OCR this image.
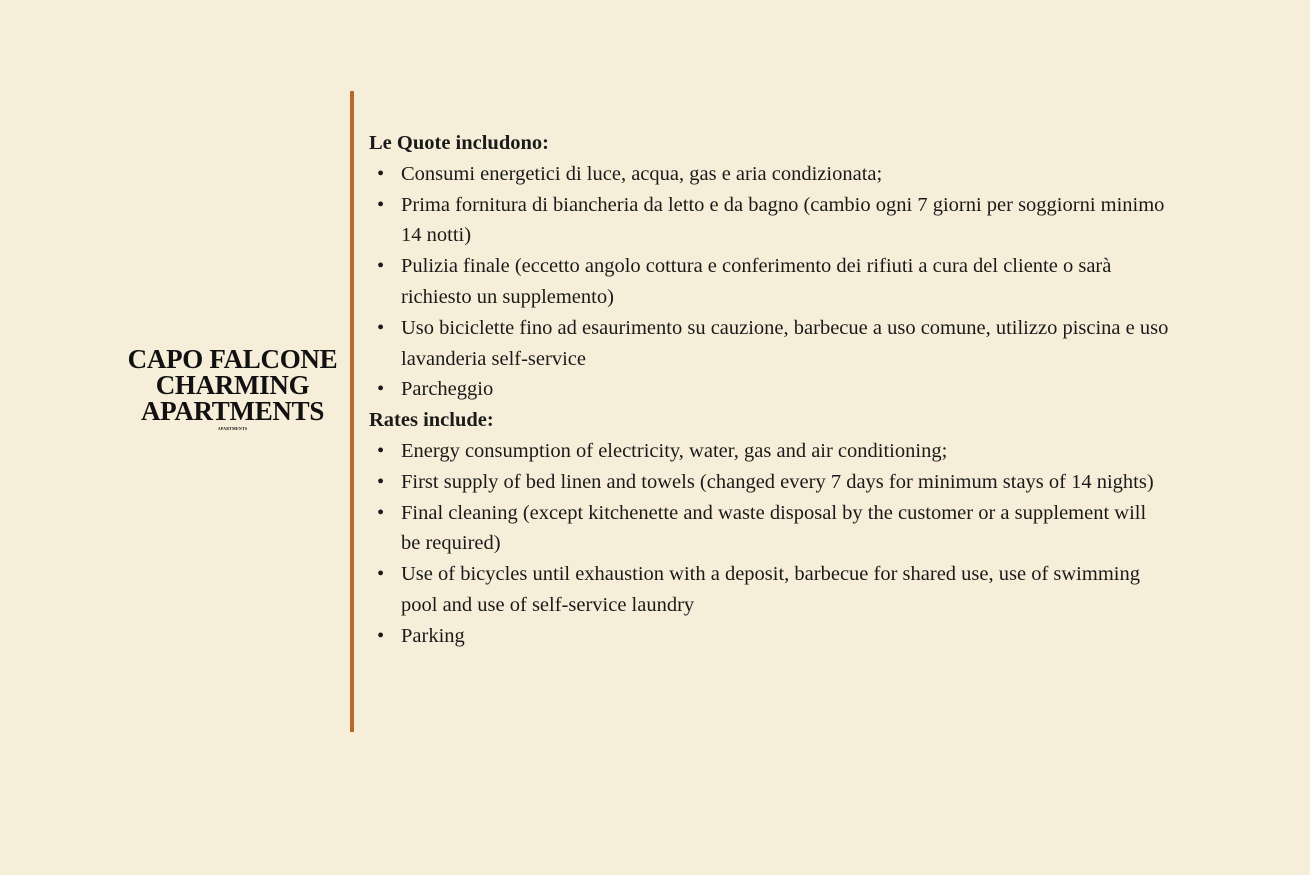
CAPO FALCONE
CHARMING
APARTMENTS
APARTMENTS

Le Quote includono:

• Consumi energetici di luce, acqua, gas e aria condizionata;
• Prima fornitura di biancheria da letto e da bagno (cambio ogni 7 giorni per soggiorni minimo 14 notti)
• Pulizia finale (eccetto angolo cottura e conferimento dei rifiuti a cura del cliente o sarà richiesto un supplemento)
• Uso biciclette fino ad esaurimento su cauzione, barbecue a uso comune, utilizzo piscina e uso lavanderia self-service
• Parcheggio

Rates include:

• Energy consumption of electricity, water, gas and air conditioning;
• First supply of bed linen and towels (changed every 7 days for minimum stays of 14 nights)
• Final cleaning (except kitchenette and waste disposal by the customer or a supplement will be required)
• Use of bicycles until exhaustion with a deposit, barbecue for shared use, use of swimming pool and use of self-service laundry
• Parking
